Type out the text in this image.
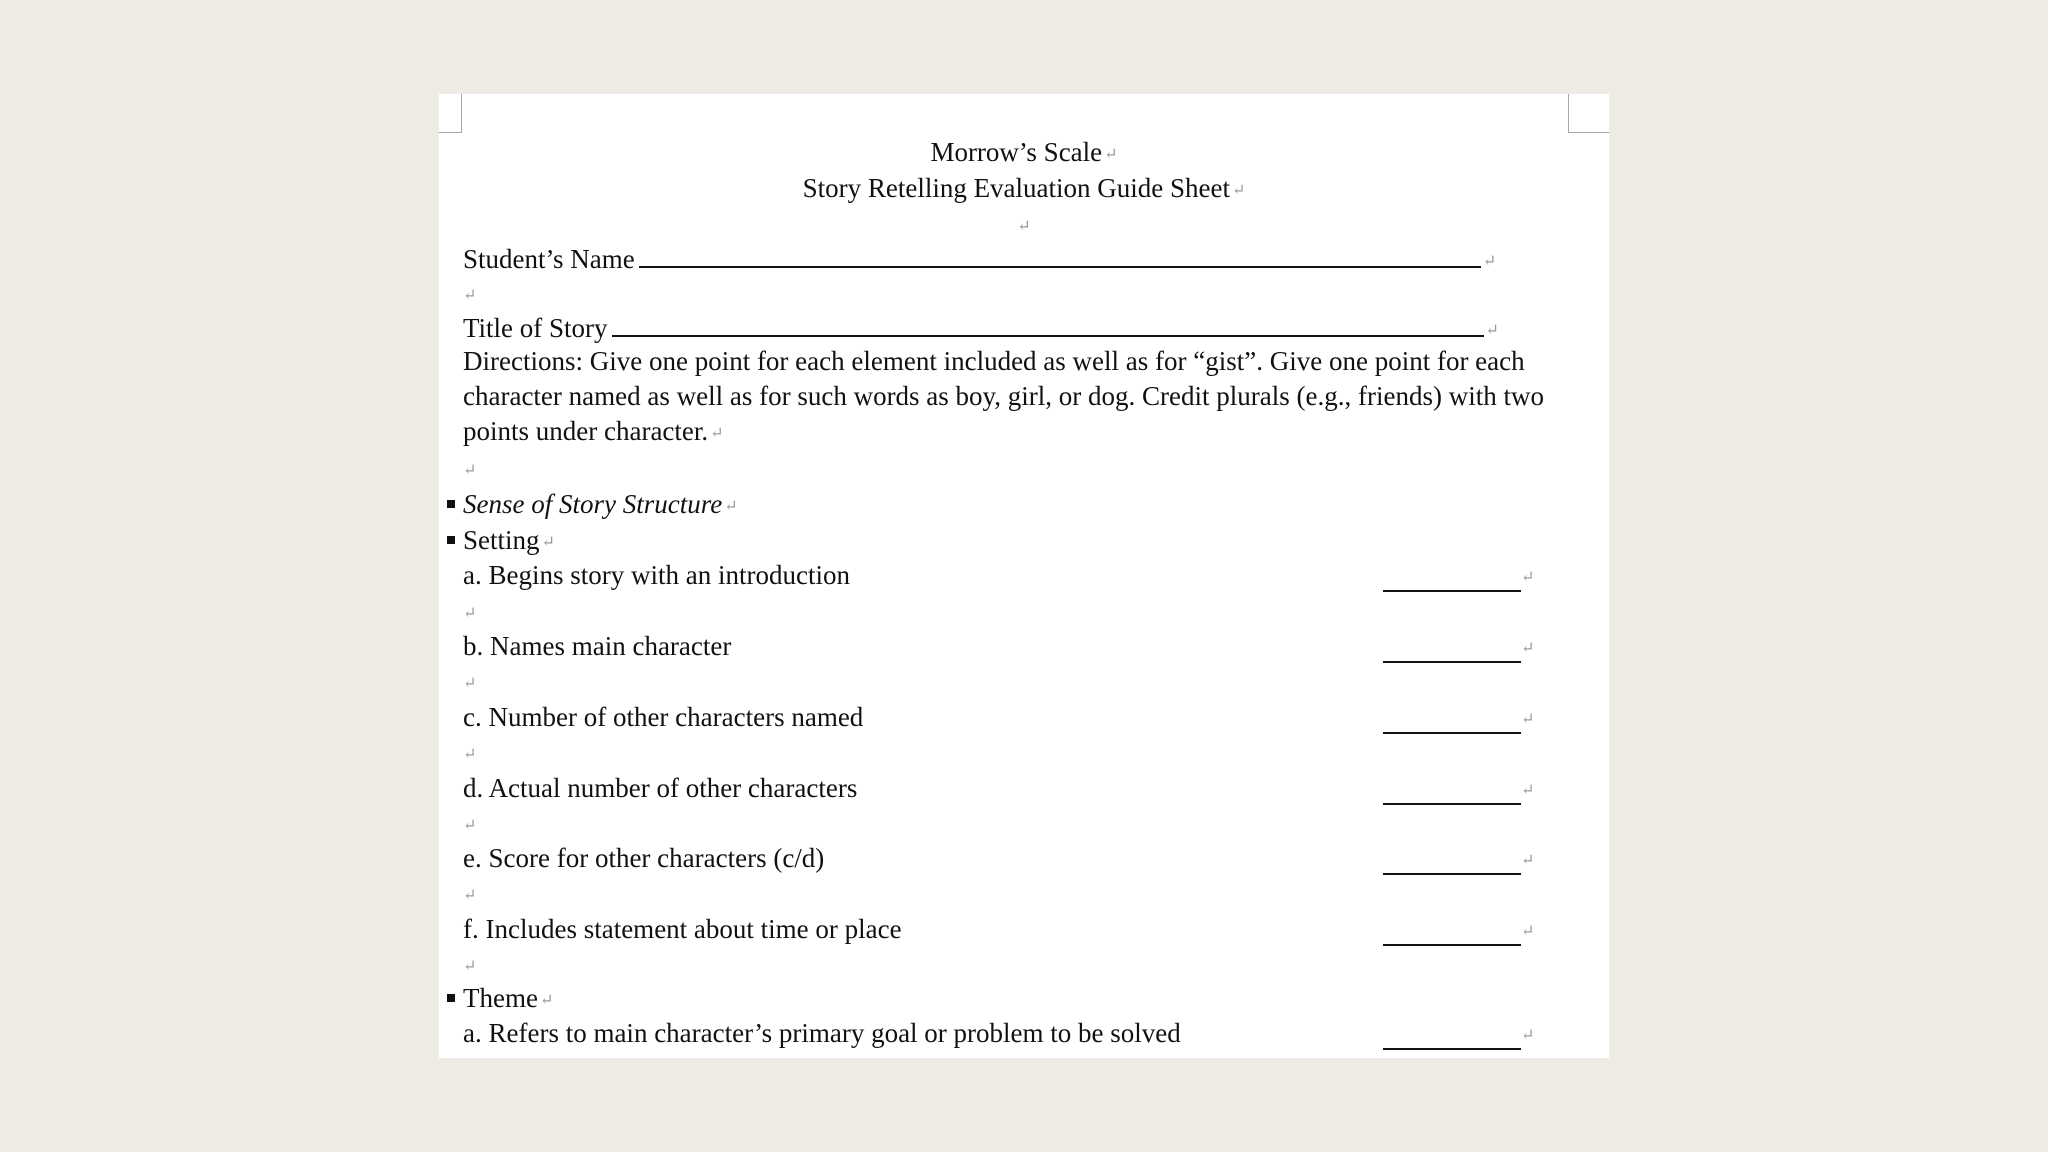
Morrow’s Scale ↵
Story Retelling Evaluation Guide Sheet ↵
↵
Student’s Name	↵
↵
Title of Story	↵
Directions: Give one point for each element included as well as for “gist”. Give one point for each character named as well as for such words as boy, girl, or dog. Credit plurals (e.g., friends) with two points under character. ↵
↵
Sense of Story Structure ↵
Setting ↵
a. Begins story with an introduction	↵
↵
b. Names main character	↵
↵
c. Number of other characters named	↵
↵
d. Actual number of other characters	↵
↵
e. Score for other characters (c/d)	↵
↵
f. Includes statement about time or place	↵
↵
Theme ↵
a. Refers to main character’s primary goal or problem to be solved	↵
